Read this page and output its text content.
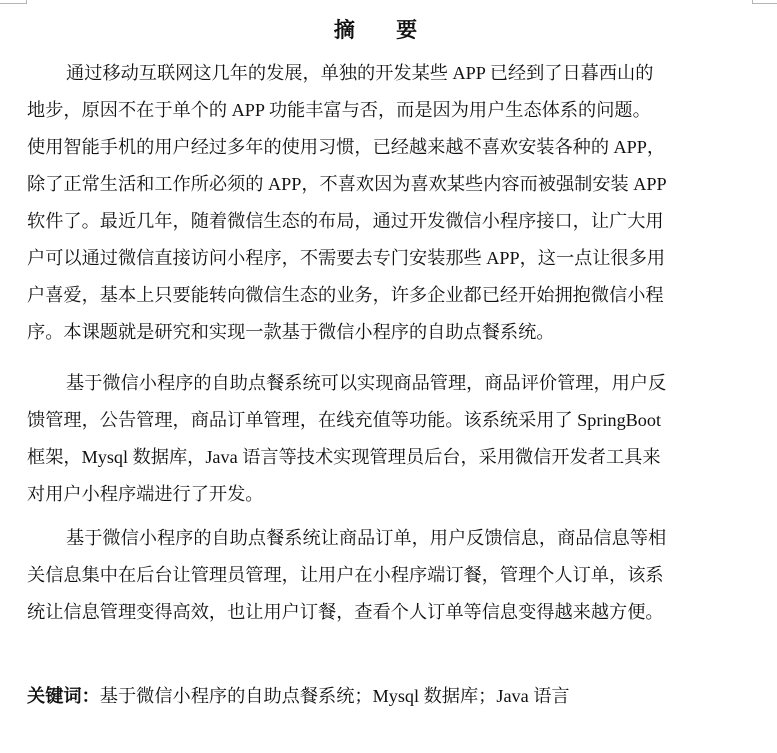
摘 要

通过移动互联网这几年的发展，单独的开发某些 APP 已经到了日暮西山的
地步，原因不在于单个的 APP 功能丰富与否，而是因为用户生态体系的问题。
使用智能手机的用户经过多年的使用习惯，已经越来越不喜欢安装各种的 APP，
除了正常生活和工作所必须的 APP，不喜欢因为喜欢某些内容而被强制安装 APP
软件了。最近几年，随着微信生态的布局，通过开发微信小程序接口，让广大用
户可以通过微信直接访问小程序，不需要去专门安装那些 APP，这一点让很多用
户喜爱，基本上只要能转向微信生态的业务，许多企业都已经开始拥抱微信小程
序。本课题就是研究和实现一款基于微信小程序的自助点餐系统。

基于微信小程序的自助点餐系统可以实现商品管理，商品评价管理，用户反
馈管理，公告管理，商品订单管理，在线充值等功能。该系统采用了 SpringBoot
框架，Mysql 数据库，Java 语言等技术实现管理员后台，采用微信开发者工具来
对用户小程序端进行了开发。

基于微信小程序的自助点餐系统让商品订单，用户反馈信息，商品信息等相
关信息集中在后台让管理员管理，让用户在小程序端订餐，管理个人订单，该系
统让信息管理变得高效，也让用户订餐，查看个人订单等信息变得越来越方便。

关键词：基于微信小程序的自助点餐系统；Mysql 数据库；Java 语言
